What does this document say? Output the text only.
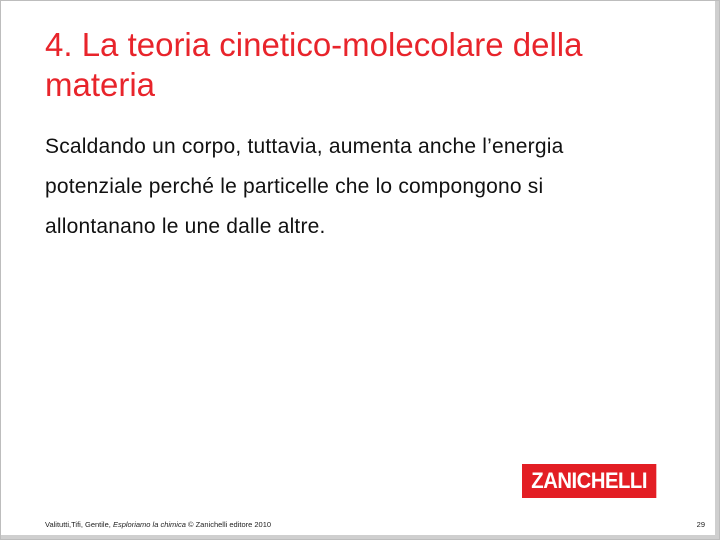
4. La teoria cinetico-molecolare della materia

Scaldando un corpo, tuttavia, aumenta anche l’energia potenziale perché le particelle che lo compongono si allontanano le une dalle altre.

ZANICHELLI
Valitutti,Tifi, Gentile, Esploriamo la chimica © Zanichelli editore 2010	29
